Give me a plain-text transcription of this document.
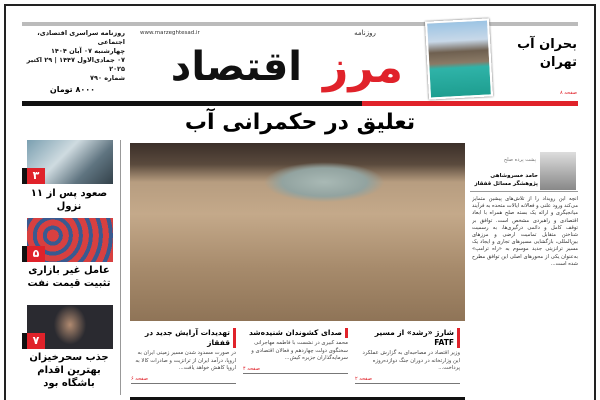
روزنامه سراسری اقتصادی، اجتماعی
چهارشنبه ۰۷ آبان ۱۴۰۴
۰۷ جمادی‌الاول ۱۴۴۷ | ۲۹ اکتبر ۲۰۲۵
شماره ۷۹۰
۸۰۰۰ تومان
www.marzeghtesad.ir
اقتصاد
روزنامه
مرز	بحران آب تهران
صفحه ۸
تعلیق در حکمرانی آب
۳
صعود پس از ۱۱ نزول
۵
عامل غیر بازاری تثبیت قیمت نفت
۷
جذب سحرخیزان بهترین اقدام باشگاه بود
پشت پرده صلح
حامد خسروشاهی
پژوهشگر مسائل قفقاز
آنچه این رویداد را از تلاش‌های پیشین متمایز می‌کند ورود علنی و فعالانه ایالات متحده به فرآیند میانجیگری و ارائه یک بسته صلح همراه با ابعاد اقتصادی و راهبردی مشخص است. توافق بر توقف کامل و دائمی درگیری‌ها، به رسمیت شناختن متقابل تمامیت ارضی و مرزهای بین‌المللی، بازگشایی مسیرهای تجاری و ایجاد یک مسیر ترانزیتی جدید موسوم به «راه ترامپ» به‌عنوان یکی از محورهای اصلی این توافق مطرح شده است...
شارژ «رشد» از مسیر FATF

وزیر اقتصاد در مصاحبه‌ای به گزارش عملکرد این وزارتخانه در دوران جنگ دوازده‌روزه پرداخت...

صفحه ۲
صدای کشوندان شنیده‌شد

محمد کبیری در نشست با فاطمه مهاجرانی سخنگوی دولت چهاردهم و فعالان اقتصادی و سرمایه‌گذاران جزیره کیش...

صفحه ۴
تهدیدات آرایش جدید در قفقاز

در صورت مسدود شدن مسیر زمینی ایران به اروپا، درآمد ایران از ترانزیت و صادرات کالا به اروپا کاهش خواهد یافت...

صفحه ۶
